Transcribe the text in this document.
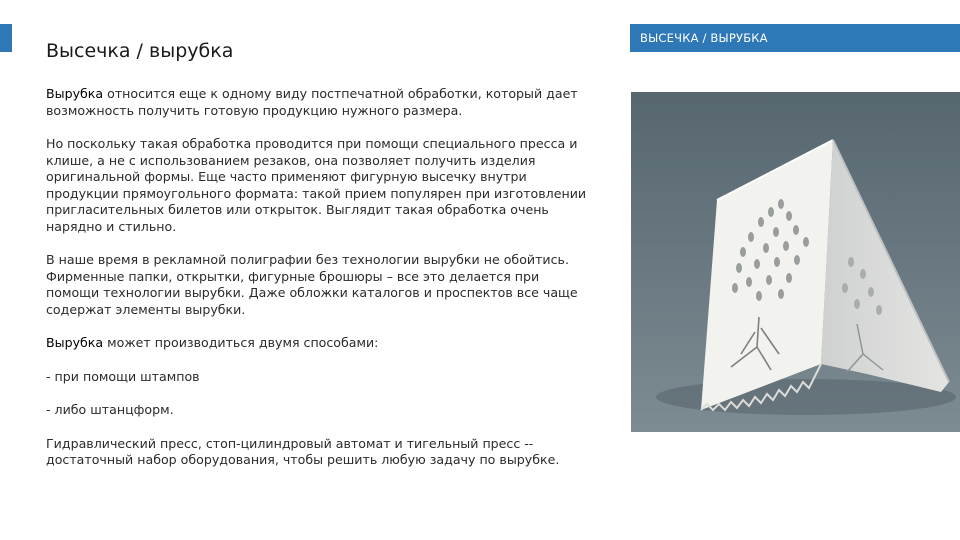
ВЫСЕЧКА / ВЫРУБКА
Высечка / вырубка

Вырубка относится еще к одному виду постпечатной обработки, который дает возможность получить готовую продукцию нужного размера.

Но поскольку такая обработка проводится при помощи специального пресса и клише, а не с использованием резаков, она позволяет получить изделия оригинальной формы. Еще часто применяют фигурную высечку внутри продукции прямоугольного формата: такой прием популярен при изготовлении пригласительных билетов или открыток. Выглядит такая обработка очень нарядно и стильно.

В наше время в рекламной полиграфии без технологии вырубки не обойтись. Фирменные папки, открытки, фигурные брошюры – все это делается при помощи технологии вырубки. Даже обложки каталогов и проспектов все чаще содержат элементы вырубки.

Вырубка может производиться двумя способами:

- при помощи штампов

- либо штанцформ.

Гидравлический пресс, стоп-цилиндровый автомат и тигельный пресс -- достаточный набор оборудования, чтобы решить любую задачу по вырубке.
